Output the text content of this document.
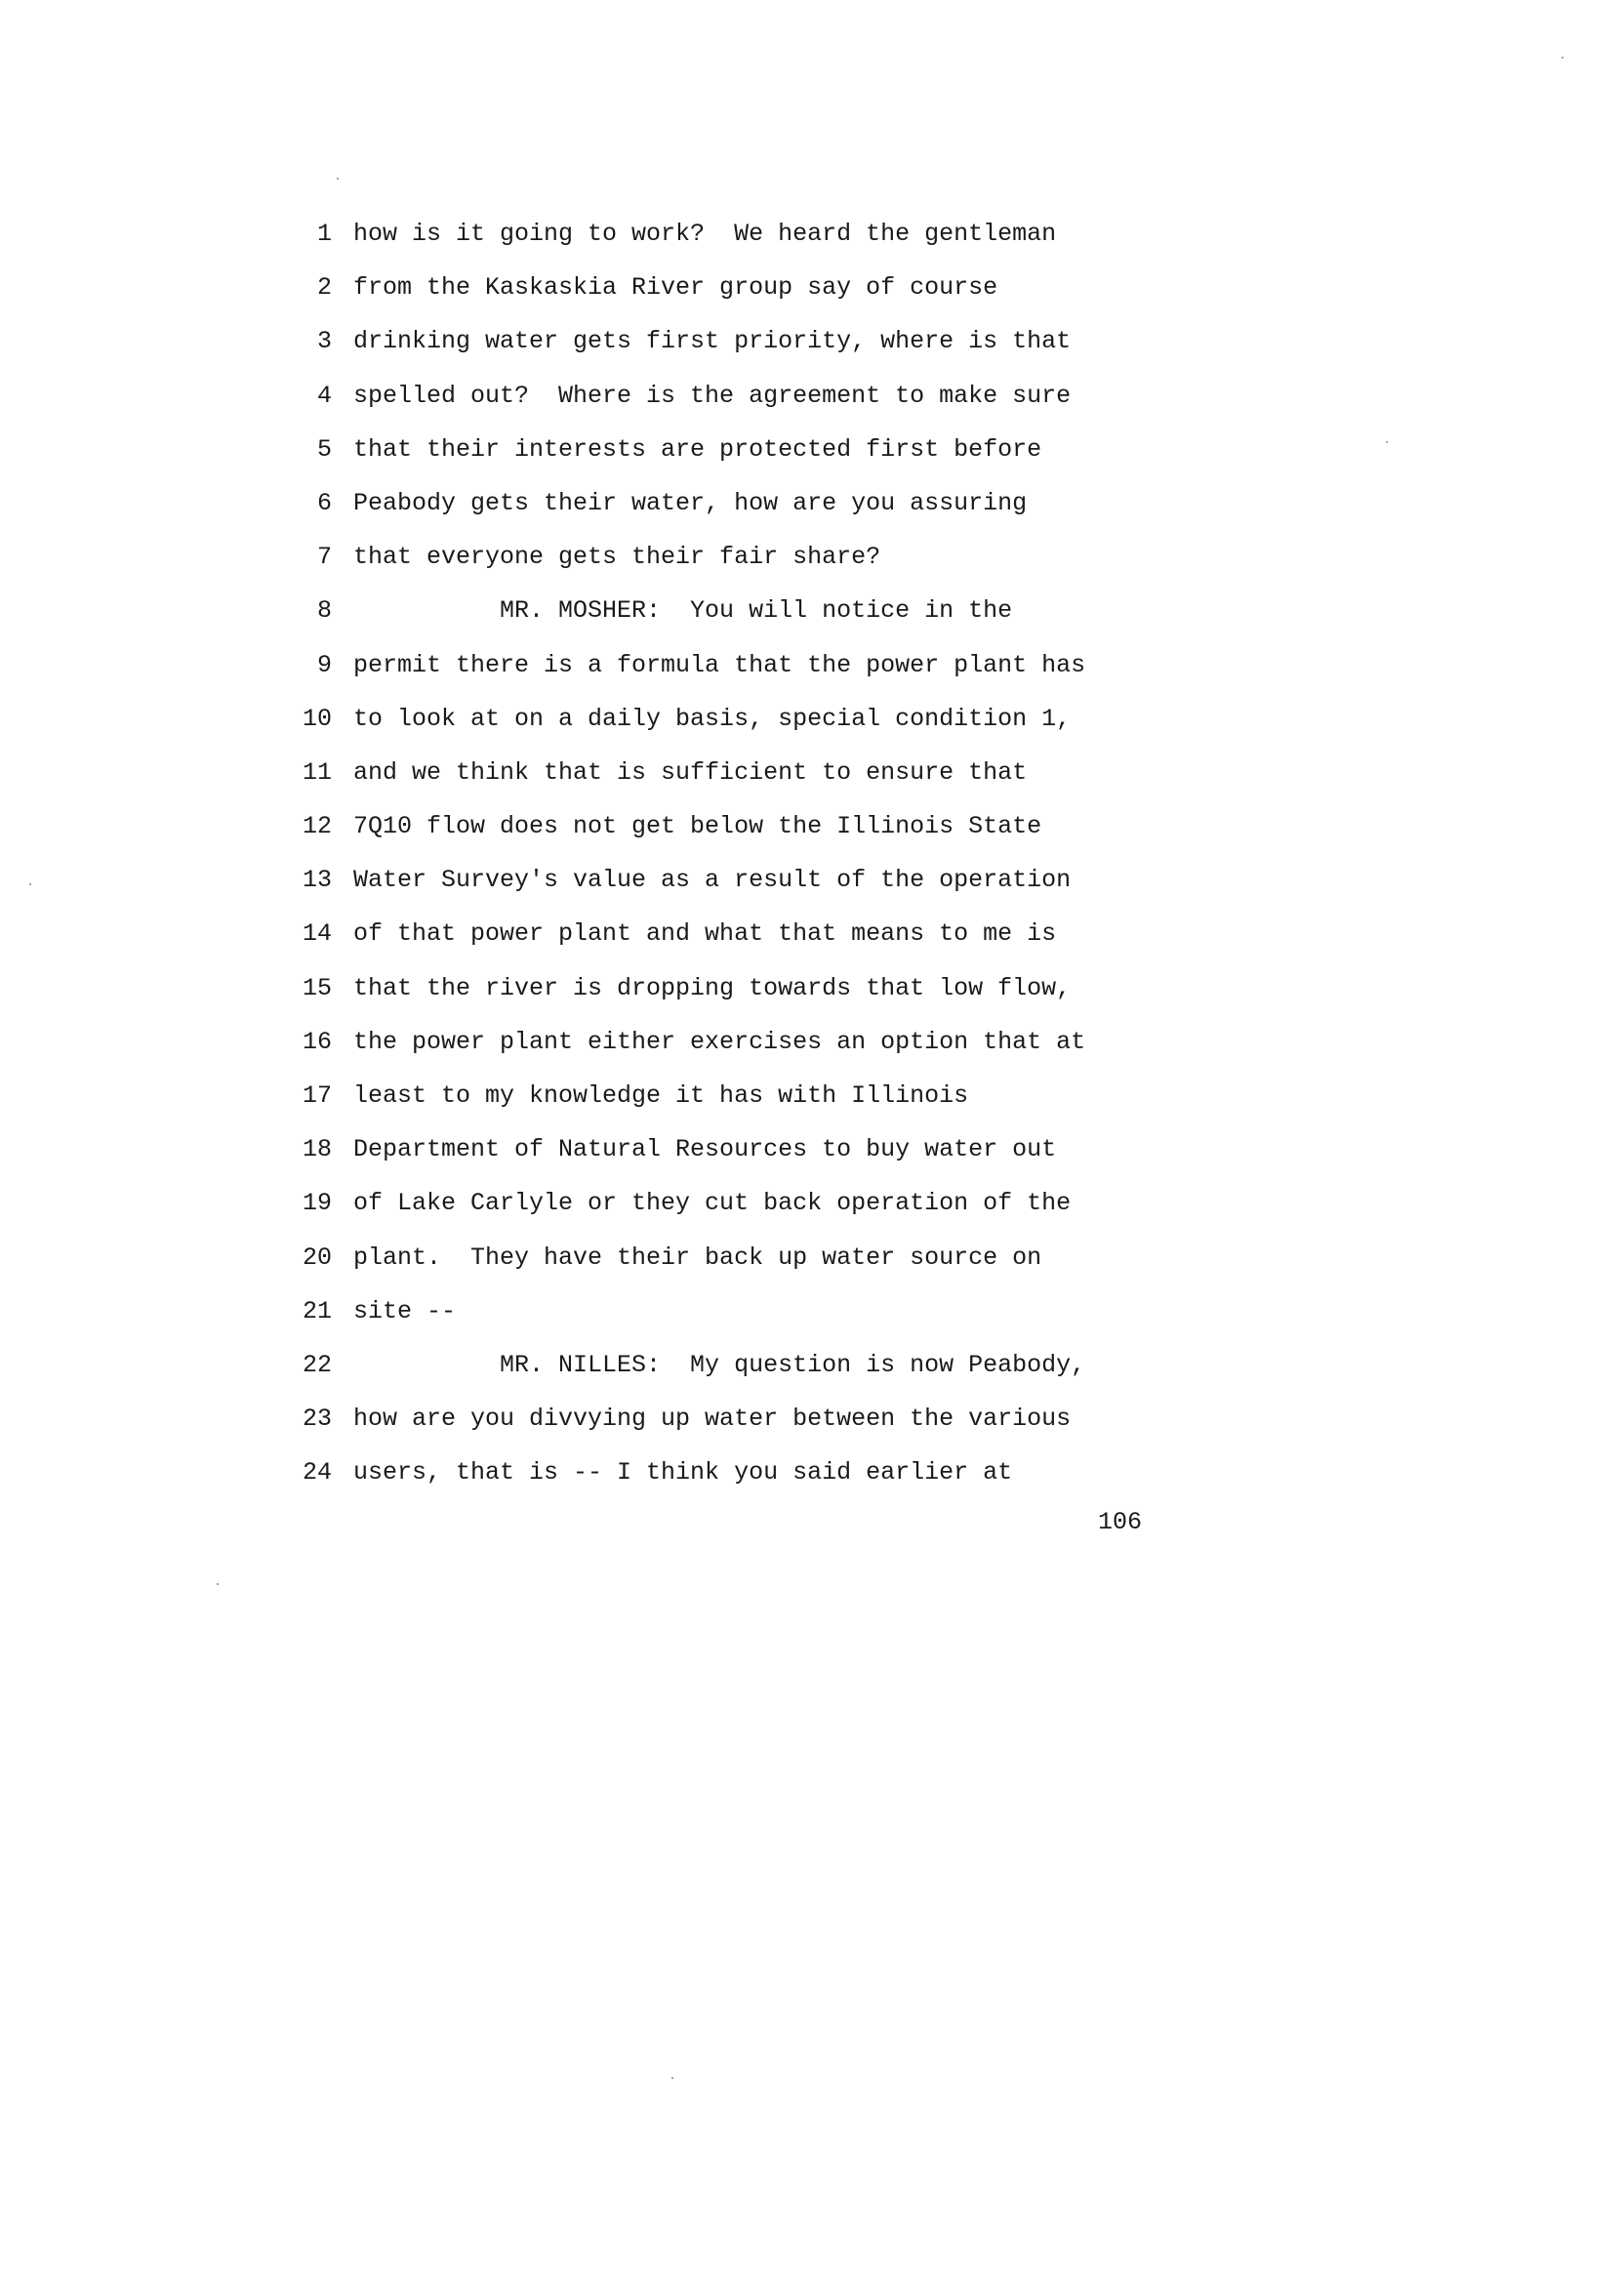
1 how is it going to work?  We heard the gentleman
2 from the Kaskaskia River group say of course
3 drinking water gets first priority, where is that
4 spelled out?  Where is the agreement to make sure
5 that their interests are protected first before
6 Peabody gets their water, how are you assuring
7 that everyone gets their fair share?
8 MR. MOSHER:  You will notice in the
9 permit there is a formula that the power plant has
10 to look at on a daily basis, special condition 1,
11 and we think that is sufficient to ensure that
12 7Q10 flow does not get below the Illinois State
13 Water Survey's value as a result of the operation
14 of that power plant and what that means to me is
15 that the river is dropping towards that low flow,
16 the power plant either exercises an option that at
17 least to my knowledge it has with Illinois
18 Department of Natural Resources to buy water out
19 of Lake Carlyle or they cut back operation of the
20 plant.  They have their back up water source on
21 site --
22 MR. NILLES:  My question is now Peabody,
23 how are you divvying up water between the various
24 users, that is -- I think you said earlier at
106
